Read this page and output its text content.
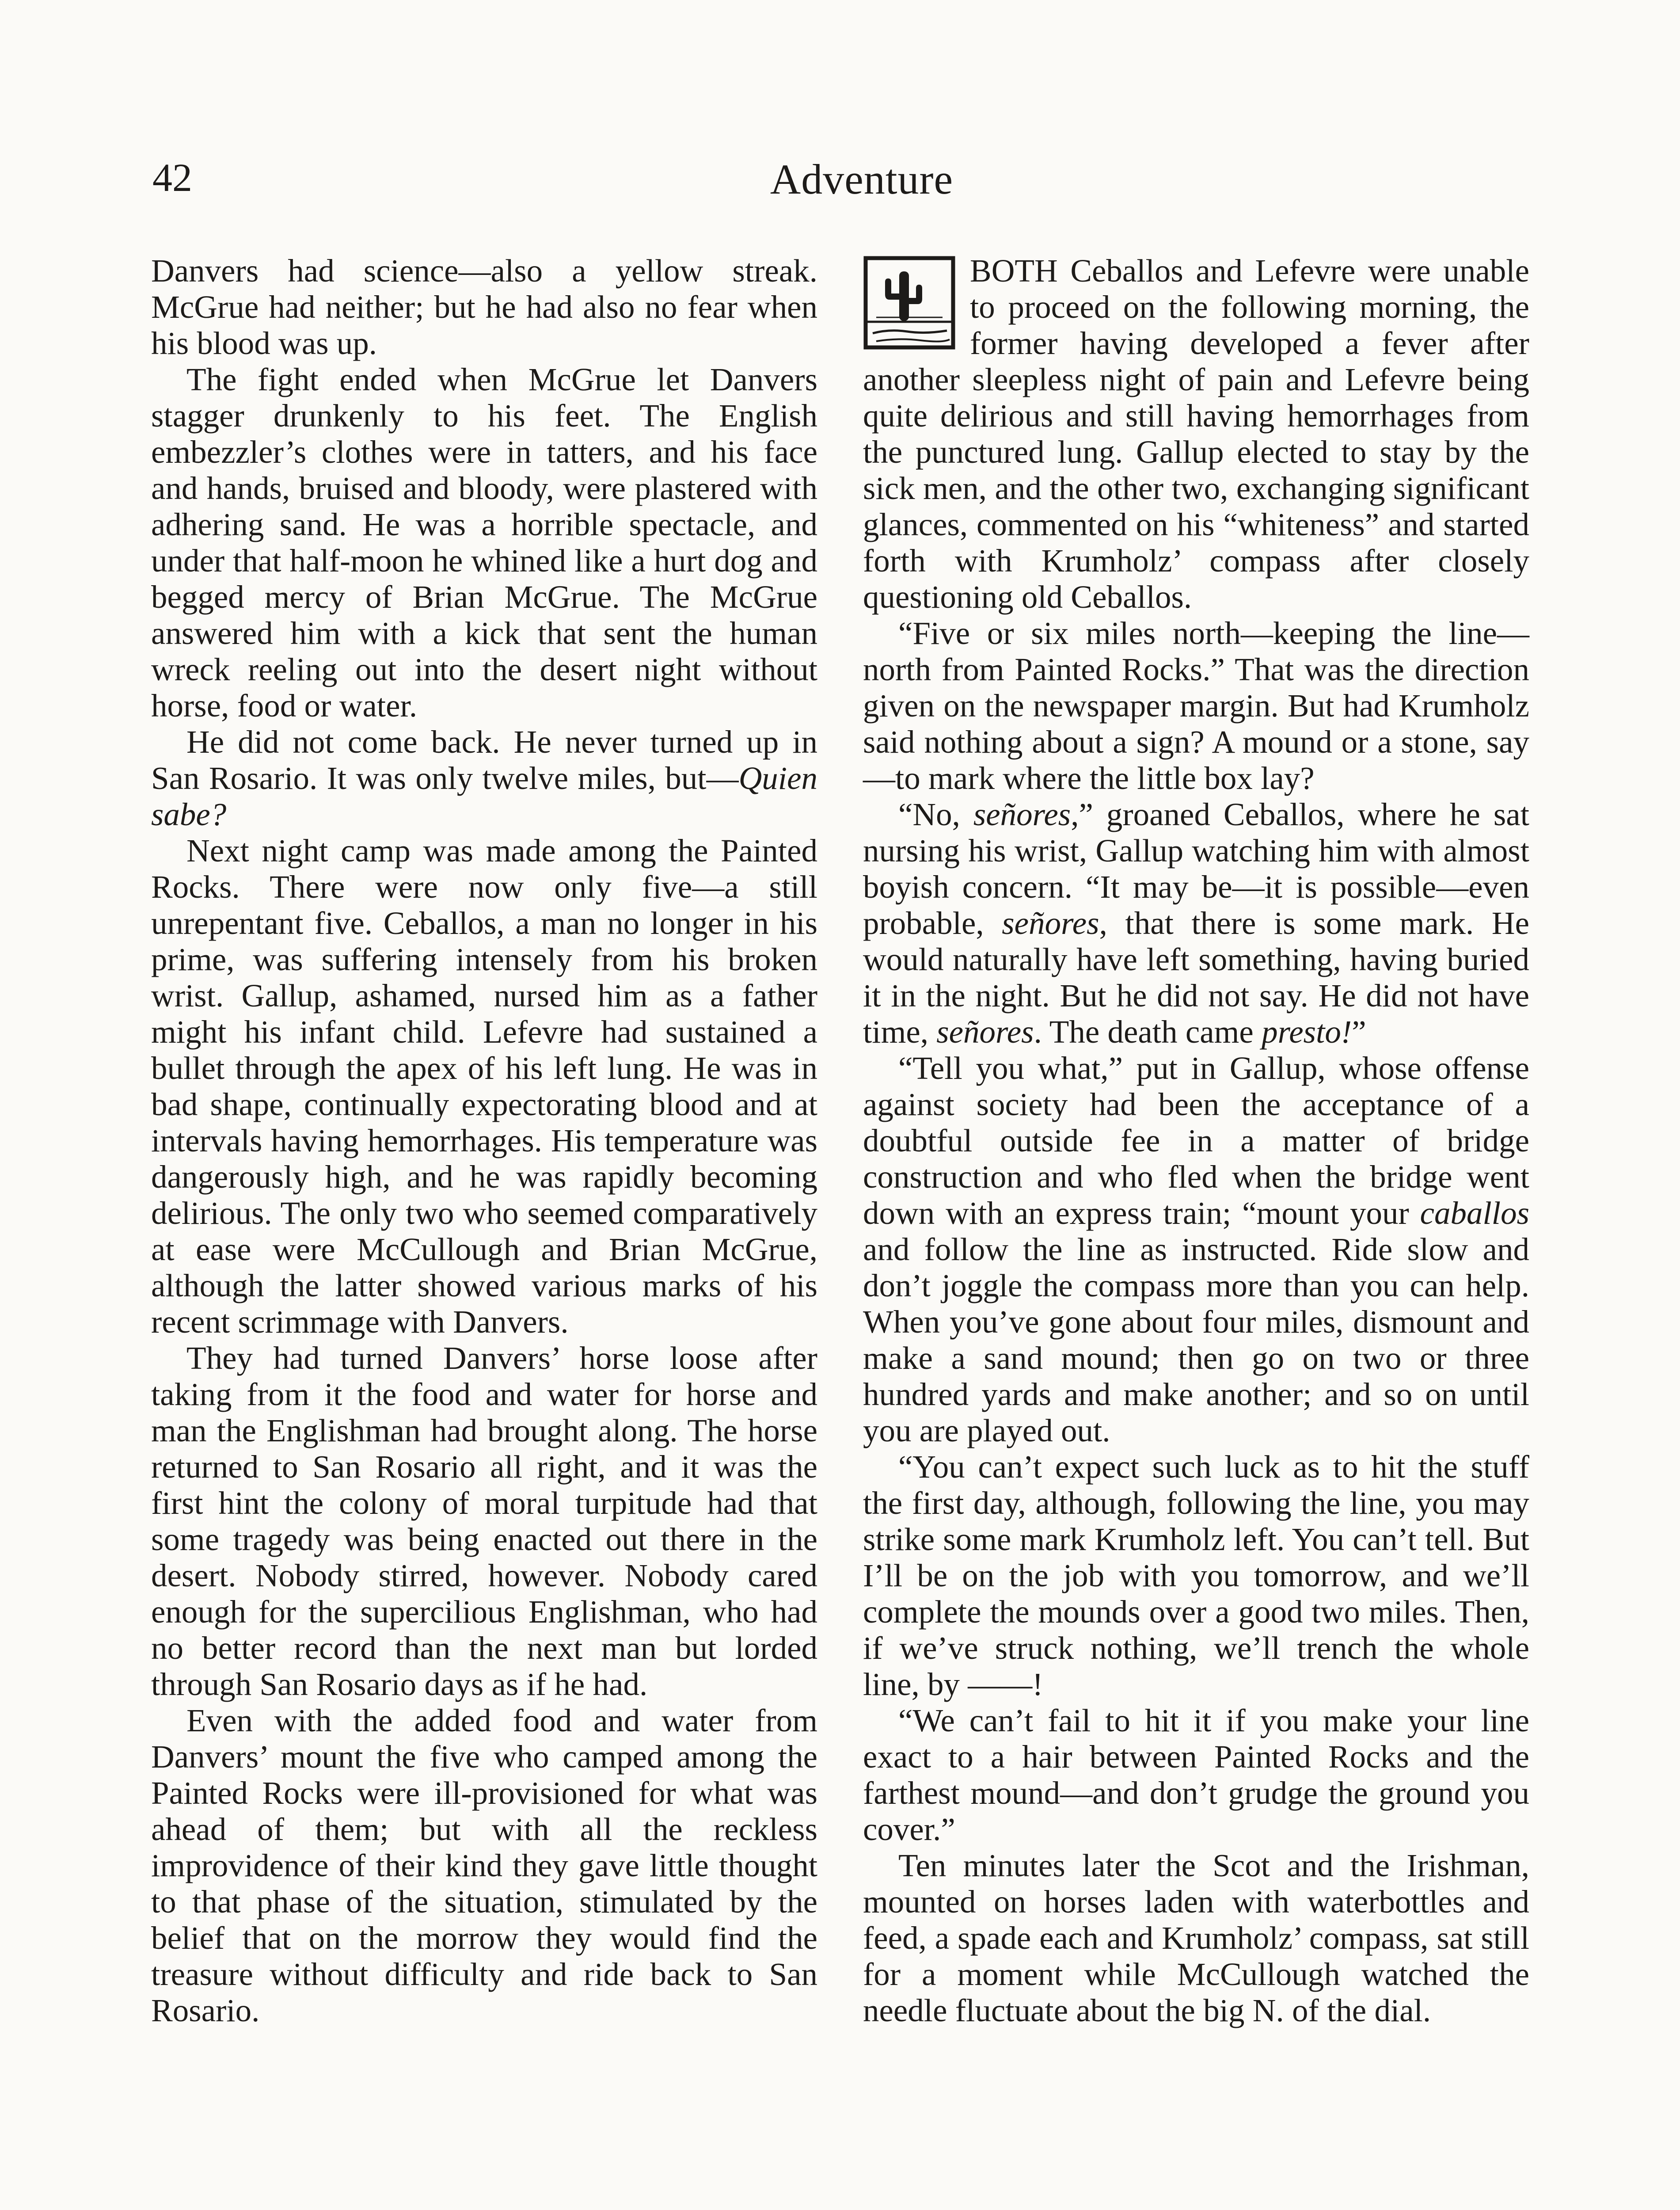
42	Adventure

Danvers had science—also a yellow streak. McGrue had neither; but he had also no fear when his blood was up.

The fight ended when McGrue let Danvers stagger drunkenly to his feet. The English embezzler’s clothes were in tatters, and his face and hands, bruised and bloody, were plastered with adhering sand. He was a horrible spectacle, and under that half-moon he whined like a hurt dog and begged mercy of Brian McGrue. The McGrue answered him with a kick that sent the human wreck reeling out into the desert night without horse, food or water.

He did not come back. He never turned up in San Rosario. It was only twelve miles, but—Quien sabe?

Next night camp was made among the Painted Rocks. There were now only five—a still unrepentant five. Ceballos, a man no longer in his prime, was suffering intensely from his broken wrist. Gallup, ashamed, nursed him as a father might his infant child. Lefevre had sustained a bullet through the apex of his left lung. He was in bad shape, continually expectorating blood and at intervals having hemorrhages. His temperature was dangerously high, and he was rapidly becoming delirious. The only two who seemed comparatively at ease were McCullough and Brian McGrue, although the latter showed various marks of his recent scrimmage with Danvers.

They had turned Danvers’ horse loose after taking from it the food and water for horse and man the Englishman had brought along. The horse returned to San Rosario all right, and it was the first hint the colony of moral turpitude had that some tragedy was being enacted out there in the desert. Nobody stirred, however. Nobody cared enough for the supercilious Englishman, who had no better record than the next man but lorded through San Rosario days as if he had.

Even with the added food and water from Danvers’ mount the five who camped among the Painted Rocks were ill-provisioned for what was ahead of them; but with all the reckless improvidence of their kind they gave little thought to that phase of the situation, stimulated by the belief that on the morrow they would find the treasure without difficulty and ride back to San Rosario.

BOTH Ceballos and Lefevre were unable to proceed on the following morning, the former having developed a fever after another sleepless night of pain and Lefevre being quite delirious and still having hemorrhages from the punctured lung. Gallup elected to stay by the sick men, and the other two, exchanging significant glances, commented on his “whiteness” and started forth with Krumholz’ compass after closely questioning old Ceballos.

“Five or six miles north—keeping the line—north from Painted Rocks.” That was the direction given on the newspaper margin. But had Krumholz said nothing about a sign? A mound or a stone, say—to mark where the little box lay?

“No, señores,” groaned Ceballos, where he sat nursing his wrist, Gallup watching him with almost boyish concern. “It may be—it is possible—even probable, señores, that there is some mark. He would naturally have left something, having buried it in the night. But he did not say. He did not have time, señores. The death came presto!”

“Tell you what,” put in Gallup, whose offense against society had been the acceptance of a doubtful outside fee in a matter of bridge construction and who fled when the bridge went down with an express train; “mount your caballos and follow the line as instructed. Ride slow and don’t joggle the compass more than you can help. When you’ve gone about four miles, dismount and make a sand mound; then go on two or three hundred yards and make another; and so on until you are played out.

“You can’t expect such luck as to hit the stuff the first day, although, following the line, you may strike some mark Krumholz left. You can’t tell. But I’ll be on the job with you tomorrow, and we’ll complete the mounds over a good two miles. Then, if we’ve struck nothing, we’ll trench the whole line, by ——!

“We can’t fail to hit it if you make your line exact to a hair between Painted Rocks and the farthest mound—and don’t grudge the ground you cover.”

Ten minutes later the Scot and the Irishman, mounted on horses laden with waterbottles and feed, a spade each and Krumholz’ compass, sat still for a moment while McCullough watched the needle fluctuate about the big N. of the dial.
